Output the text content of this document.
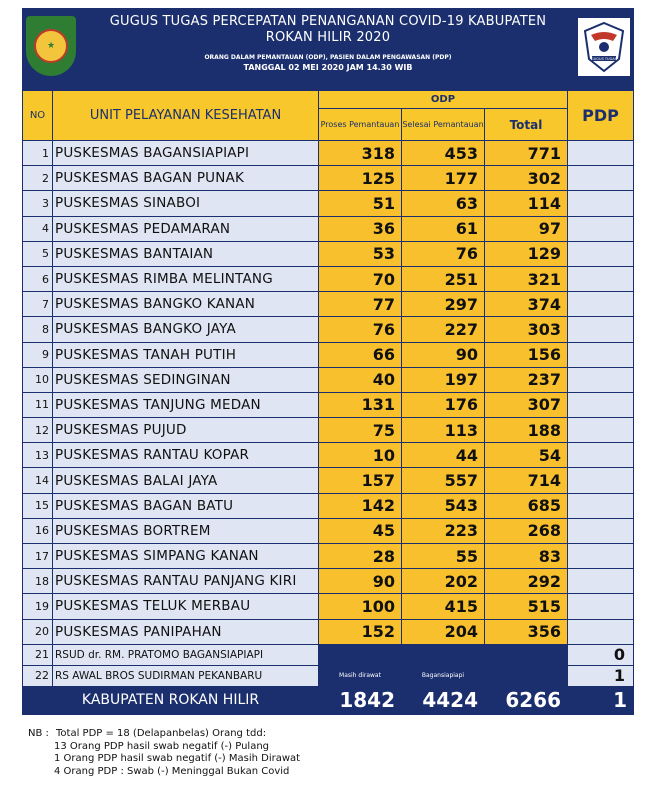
★
GUGUS TUGAS
GUGUS TUGAS PERCEPATAN PENANGANAN COVID-19 KABUPATEN
ROKAN HILIR 2020
ORANG DALAM PEMANTAUAN (ODP), PASIEN DALAM PENGAWASAN (PDP)
TANGGAL 02 MEI 2020 JAM 14.30 WIB
NO	UNIT PELAYANAN KESEHATAN	ODP			PDP
		Proses Pemantauan	Selesai Pemantauan	Total	
1	PUSKESMAS BAGANSIAPIAPI	318	453	771	
2	PUSKESMAS BAGAN PUNAK	125	177	302	
3	PUSKESMAS SINABOI	51	63	114	
4	PUSKESMAS PEDAMARAN	36	61	97	
5	PUSKESMAS BANTAIAN	53	76	129	
6	PUSKESMAS RIMBA MELINTANG	70	251	321	
7	PUSKESMAS BANGKO KANAN	77	297	374	
8	PUSKESMAS BANGKO JAYA	76	227	303	
9	PUSKESMAS TANAH PUTIH	66	90	156	
10	PUSKESMAS SEDINGINAN	40	197	237	
11	PUSKESMAS TANJUNG MEDAN	131	176	307	
12	PUSKESMAS PUJUD	75	113	188	
13	PUSKESMAS RANTAU KOPAR	10	44	54	
14	PUSKESMAS BALAI JAYA	157	557	714	
15	PUSKESMAS BAGAN BATU	142	543	685	
16	PUSKESMAS BORTREM	45	223	268	
17	PUSKESMAS SIMPANG KANAN	28	55	83	
18	PUSKESMAS RANTAU PANJANG KIRI	90	202	292	
19	PUSKESMAS TELUK MERBAU	100	415	515	
20	PUSKESMAS PANIPAHAN	152	204	356	
21	RSUD dr. RM. PRATOMO BAGANSIAPIAPI				0
22	RS AWAL BROS SUDIRMAN PEKANBARU	Masih dirawat	Bagansiapiapi		1
KABUPATEN ROKAN HILIR		1842	4424	6266	1
NB : Total PDP = 18 (Delapanbelas) Orang tdd:
13 Orang PDP hasil swab negatif (-) Pulang
1 Orang PDP hasil swab negatif (-) Masih Dirawat
4 Orang PDP : Swab (-) Meninggal Bukan Covid
